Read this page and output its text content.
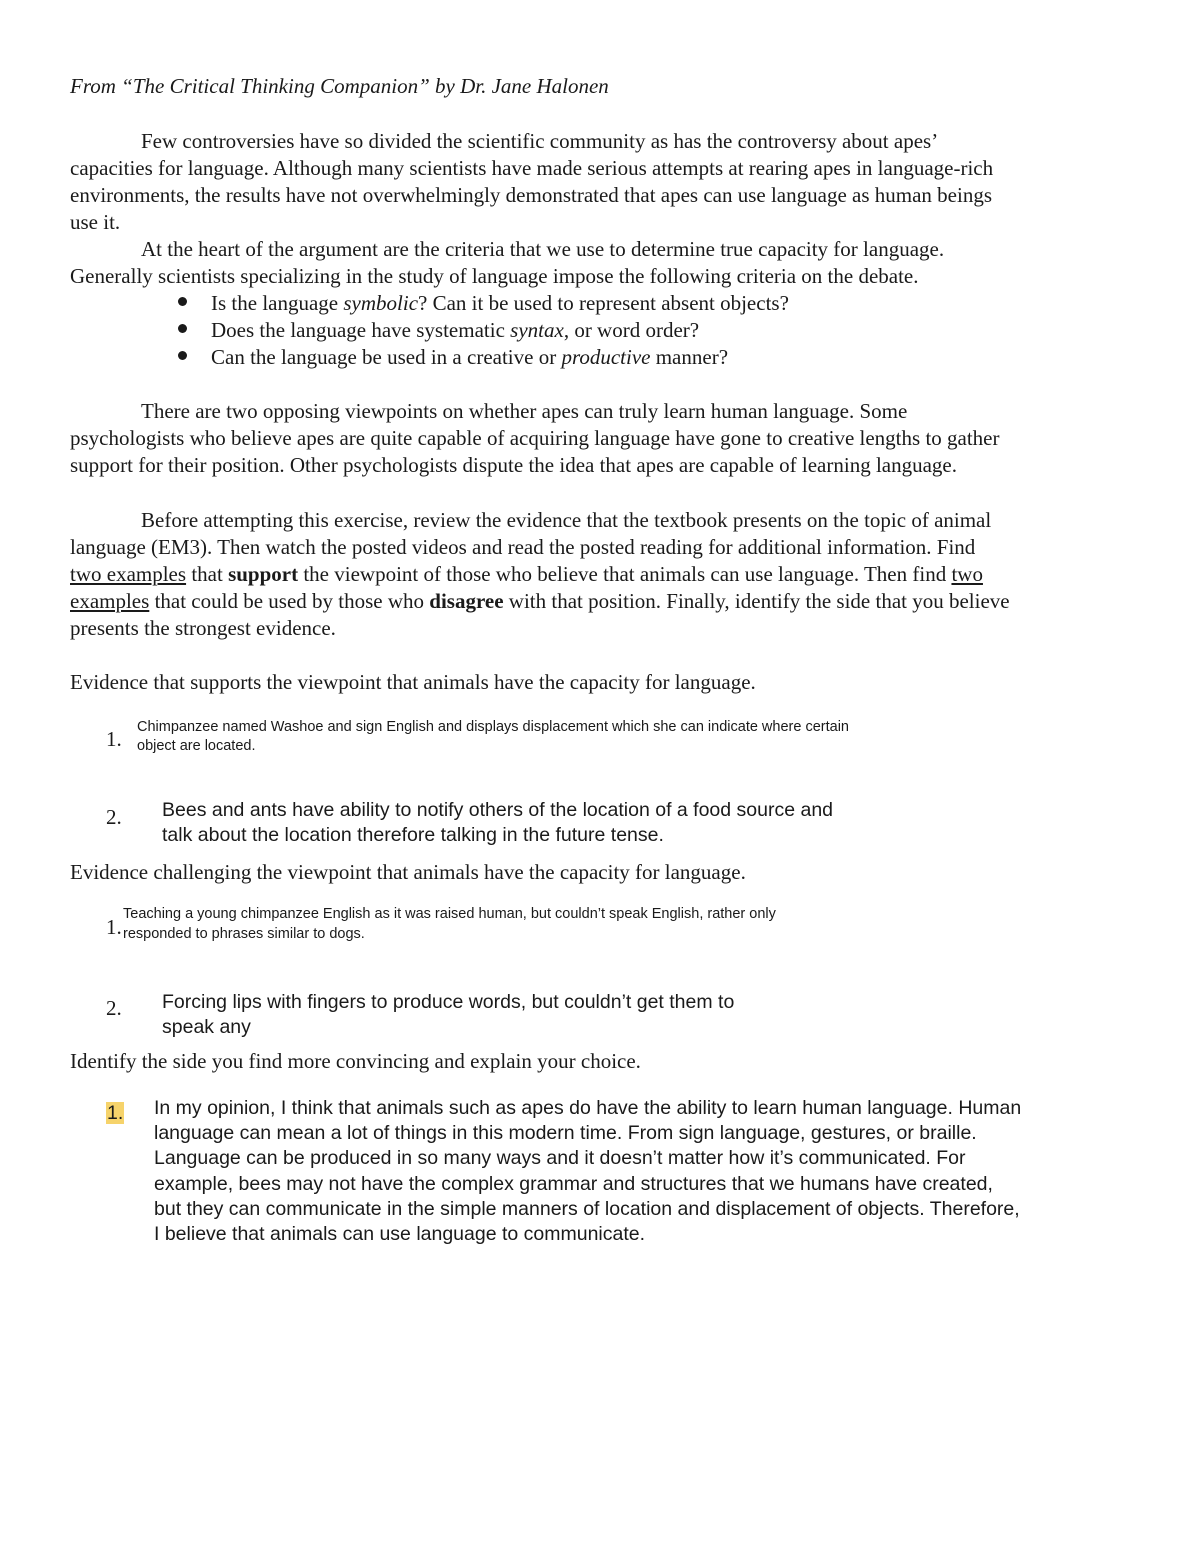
From “The Critical Thinking Companion” by Dr. Jane Halonen
Few controversies have so divided the scientific community as has the controversy about apes’
capacities for language. Although many scientists have made serious attempts at rearing apes in language-rich
environments, the results have not overwhelmingly demonstrated that apes can use language as human beings
use it.
At the heart of the argument are the criteria that we use to determine true capacity for language.
Generally scientists specializing in the study of language impose the following criteria on the debate.
Is the language symbolic? Can it be used to represent absent objects?
Does the language have systematic syntax, or word order?
Can the language be used in a creative or productive manner?
There are two opposing viewpoints on whether apes can truly learn human language. Some
psychologists who believe apes are quite capable of acquiring language have gone to creative lengths to gather
support for their position. Other psychologists dispute the idea that apes are capable of learning language.
Before attempting this exercise, review the evidence that the textbook presents on the topic of animal
language (EM3). Then watch the posted videos and read the posted reading for additional information. Find
two examples that support the viewpoint of those who believe that animals can use language. Then find two
examples that could be used by those who disagree with that position. Finally, identify the side that you believe
presents the strongest evidence.
Evidence that supports the viewpoint that animals have the capacity for language.
1. Chimpanzee named Washoe and sign English and displays displacement which she can indicate where certain
object are located.
2. Bees and ants have ability to notify others of the location of a food source and
talk about the location therefore talking in the future tense.
Evidence challenging the viewpoint that animals have the capacity for language.
1.
Teaching a young chimpanzee English as it was raised human, but couldn’t speak English, rather only
responded to phrases similar to dogs.
2. Forcing lips with fingers to produce words, but couldn’t get them to
speak any
Identify the side you find more convincing and explain your choice.
1. In my opinion, I think that animals such as apes do have the ability to learn human language. Human
language can mean a lot of things in this modern time. From sign language, gestures, or braille.
Language can be produced in so many ways and it doesn’t matter how it’s communicated. For
example, bees may not have the complex grammar and structures that we humans have created,
but they can communicate in the simple manners of location and displacement of objects. Therefore,
I believe that animals can use language to communicate.
